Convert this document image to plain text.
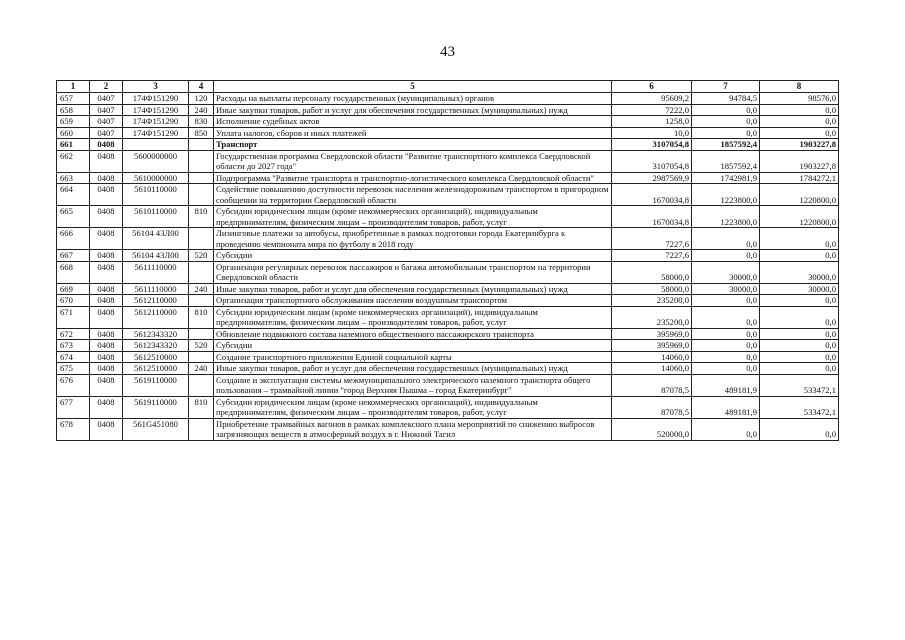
43
1	2	3	4	5	6	7	8
657	0407	174Ф151290	120	Расходы на выплаты персоналу государственных (муниципальных) органов	95609,2	94784,5	98576,0
658	0407	174Ф151290	240	Иные закупки товаров, работ и услуг для обеспечения государственных (муниципальных) нужд	7222,0	0,0	0,0
659	0407	174Ф151290	830	Исполнение судебных актов	1258,0	0,0	0,0
660	0407	174Ф151290	850	Уплата налогов, сборов и иных платежей	10,0	0,0	0,0
661	0408			Транспорт	3107054,8	1857592,4	1903227,8
662	0408	5600000000		Государственная программа Свердловской области "Развитие транспортного комплекса Свердловской области до 2027 года"	3107054,8	1857592,4	1903227,8
663	0408	5610000000		Подпрограмма "Развитие транспорта и транспортно-логистического комплекса Свердловской области"	2987569,9	1742981,9	1784272,1
664	0408	5610110000		Содействие повышению доступности перевозок населения железнодорожным транспортом в пригородном сообщении на территории Свердловской области	1670034,8	1223800,0	1220800,0
665	0408	5610110000	810	Субсидии юридическим лицам (кроме некоммерческих организаций), индивидуальным предпринимателям, физическим лицам – производителям товаров, работ, услуг	1670034,8	1223800,0	1220800,0
666	0408	56104 43Л00		Лизинговые платежи за автобусы, приобретенные в рамках подготовки города Екатеринбурга к проведению чемпионата мира по футболу в 2018 году	7227,6	0,0	0,0
667	0408	56104 43Л00	520	Субсидии	7227,6	0,0	0,0
668	0408	5611110000		Организация регулярных перевозок пассажиров и багажа автомобильным транспортом на территории Свердловской области	58000,0	30000,0	30000,0
669	0408	5611110000	240	Иные закупки товаров, работ и услуг для обеспечения государственных (муниципальных) нужд	58000,0	30000,0	30000,0
670	0408	5612110000		Организация транспортного обслуживания населения воздушным транспортом	235200,0	0,0	0,0
671	0408	5612110000	810	Субсидии юридическим лицам (кроме некоммерческих организаций), индивидуальным предпринимателям, физическим лицам – производителям товаров, работ, услуг	235200,0	0,0	0,0
672	0408	5612343320		Обновление подвижного состава наземного общественного пассажирского транспорта	395969,0	0,0	0,0
673	0408	5612343320	520	Субсидии	395969,0	0,0	0,0
674	0408	5612510000		Создание транспортного приложения Единой социальной карты	14060,0	0,0	0,0
675	0408	5612510000	240	Иные закупки товаров, работ и услуг для обеспечения государственных (муниципальных) нужд	14060,0	0,0	0,0
676	0408	5619110000		Создание и эксплуатация системы межмуниципального электрического наземного транспорта общего пользования – трамвайной линии "город Верхняя Пышма – город Екатеринбург"	87078,5	489181,9	533472,1
677	0408	5619110000	810	Субсидии юридическим лицам (кроме некоммерческих организаций), индивидуальным предпринимателям, физическим лицам – производителям товаров, работ, услуг	87078,5	489181,9	533472,1
678	0408	561G451080		Приобретение трамвайных вагонов в рамках комплексного плана мероприятий по снижению выбросов загрязняющих веществ в атмосферный воздух в г. Нижний Тагил	520000,0	0,0	0,0
